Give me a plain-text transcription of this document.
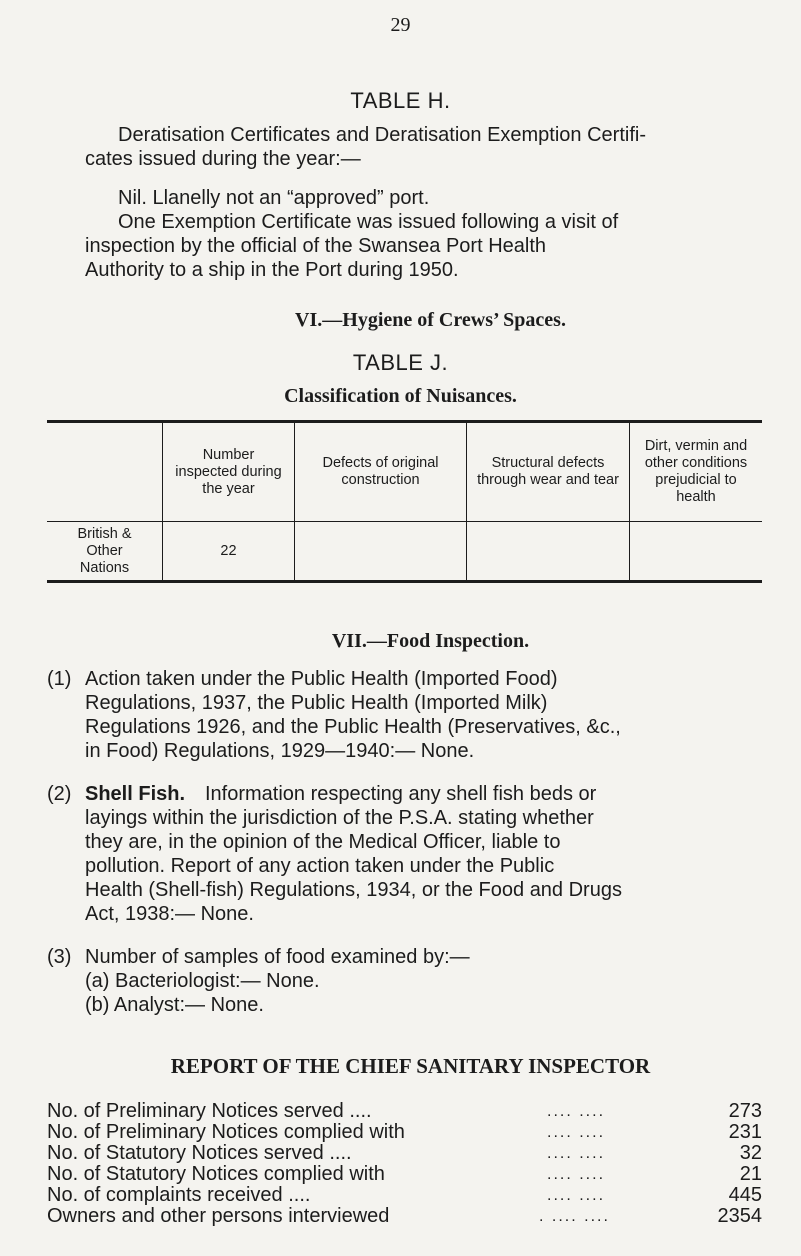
29
TABLE H.
Deratisation Certificates and Deratisation Exemption Certifi-
cates issued during the year:—
Nil. Llanelly not an “approved” port.
One Exemption Certificate was issued following a visit of
inspection by the official of the Swansea Port Health
Authority to a ship in the Port during 1950.
VI.—Hygiene of Crews’ Spaces.
TABLE J.
Classification of Nuisances.
	Number inspected during the year	Defects of original construction	Structural defects through wear and tear	Dirt, vermin and other conditions prejudicial to health
British & Other Nations	22			
VII.—Food Inspection.
(1) Action taken under the Public Health (Imported Food)
Regulations, 1937, the Public Health (Imported Milk)
Regulations 1926, and the Public Health (Preservatives, &c.,
in Food) Regulations, 1929—1940:— None.
(2) Shell Fish. Information respecting any shell fish beds or
layings within the jurisdiction of the P.S.A. stating whether
they are, in the opinion of the Medical Officer, liable to
pollution. Report of any action taken under the Public
Health (Shell-fish) Regulations, 1934, or the Food and Drugs
Act, 1938:— None.
(3) Number of samples of food examined by:—
(a) Bacteriologist:— None.
(b) Analyst:— None.
REPORT OF THE CHIEF SANITARY INSPECTOR
No. of Preliminary Notices served ....	.... ....	273
No. of Preliminary Notices complied with	.... ....	231
No. of Statutory Notices served ....	.... ....	32
No. of Statutory Notices complied with	.... ....	21
No. of complaints received ....	.... ....	445
Owners and other persons interviewed	. .... ....	2354
